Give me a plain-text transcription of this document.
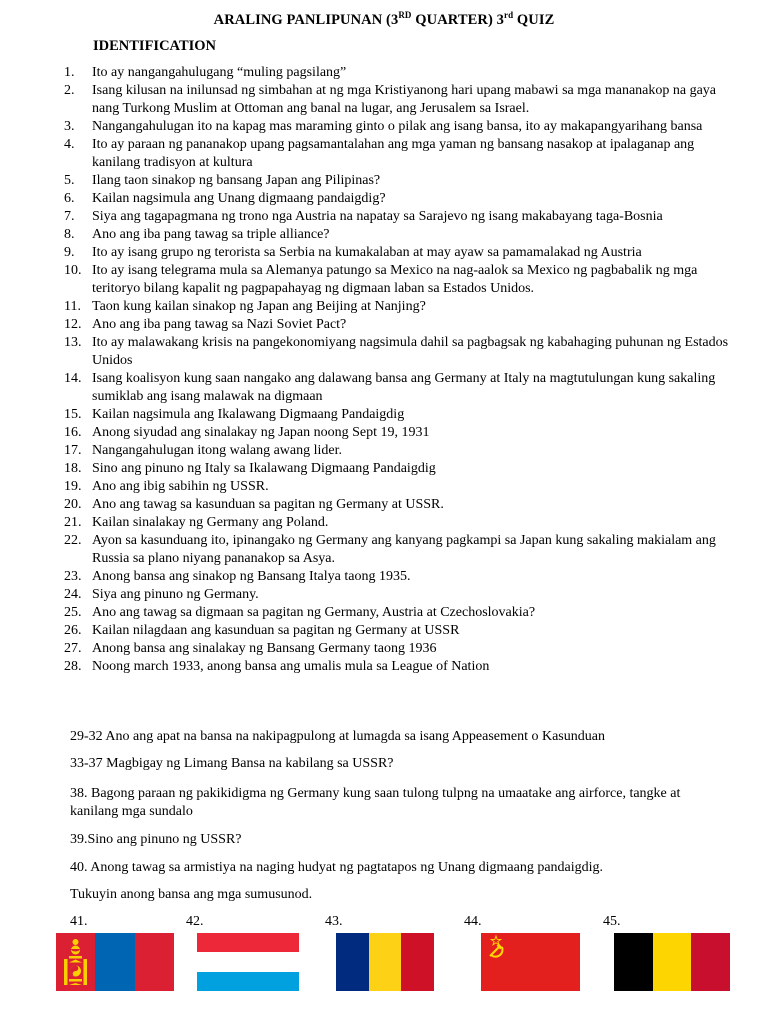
ARALING PANLIPUNAN (3RD QUARTER) 3rd QUIZ
IDENTIFICATION
1.	Ito ay nangangahulugang “muling pagsilang”
2.	Isang kilusan na inilunsad ng simbahan at ng mga Kristiyanong hari upang mabawi sa mga mananakop na gaya nang Turkong Muslim at Ottoman ang banal na lugar, ang Jerusalem sa Israel.
3.	Nangangahulugan ito na kapag mas maraming ginto o pilak ang isang bansa, ito ay makapangyarihang bansa
4.	Ito ay paraan ng pananakop upang pagsamantalahan ang mga yaman ng bansang nasakop at ipalaganap ang kanilang tradisyon at kultura
5.	Ilang taon sinakop ng bansang Japan ang Pilipinas?
6.	Kailan nagsimula ang Unang digmaang pandaigdig?
7.	Siya ang tagapagmana ng trono nga Austria na napatay sa Sarajevo ng isang makabayang taga-Bosnia
8.	Ano ang iba pang tawag sa triple alliance?
9.	Ito ay isang grupo ng terorista sa Serbia na kumakalaban at may ayaw sa pamamalakad ng Austria
10. Ito ay isang telegrama mula sa Alemanya patungo sa Mexico na nag-aalok sa Mexico ng pagbabalik ng mga teritoryo bilang kapalit ng pagpapahayag ng digmaan laban sa Estados Unidos.
11. Taon kung kailan sinakop ng Japan ang Beijing at Nanjing?
12. Ano ang iba pang tawag sa Nazi Soviet Pact?
13. Ito ay malawakang krisis na pangekonomiyang nagsimula dahil sa pagbagsak ng kabahaging puhunan ng Estados Unidos
14. Isang koalisyon kung saan nangako ang dalawang bansa ang Germany at Italy na magtutulungan kung sakaling sumiklab ang isang malawak na digmaan
15. Kailan nagsimula ang Ikalawang Digmaang Pandaigdig
16. Anong siyudad ang sinalakay ng Japan noong Sept 19, 1931
17. Nangangahulugan itong walang awang lider.
18. Sino ang pinuno ng Italy sa Ikalawang Digmaang Pandaigdig
19. Ano ang ibig sabihin ng USSR.
20. Ano ang tawag sa kasunduan sa pagitan ng Germany at USSR.
21. Kailan sinalakay ng Germany ang Poland.
22. Ayon sa kasunduang ito, ipinangako ng Germany ang kanyang pagkampi sa Japan kung sakaling makialam ang Russia sa plano niyang pananakop sa Asya.
23. Anong bansa ang sinakop ng Bansang Italya taong 1935.
24. Siya ang pinuno ng Germany.
25. Ano ang tawag sa digmaan sa pagitan ng Germany, Austria at Czechoslovakia?
26. Kailan nilagdaan ang kasunduan sa pagitan ng Germany at USSR
27. Anong bansa ang sinalakay ng Bansang Germany taong 1936
28. Noong march 1933, anong bansa ang umalis mula sa League of Nation
29-32 Ano ang apat na bansa na nakipagpulong at lumagda sa isang Appeasement o Kasunduan
33-37 Magbigay ng Limang Bansa na kabilang sa USSR?
38. Bagong paraan ng pakikidigma ng Germany kung saan tulong tulpng na umaatake ang airforce, tangke at kanilang mga sundalo
39.Sino ang pinuno ng USSR?
40. Anong tawag sa armistiya na naging hudyat ng pagtatapos ng Unang digmaang pandaigdig.
Tukuyin anong bansa ang mga sumusunod.
41.	42.	43.	44.	45.
